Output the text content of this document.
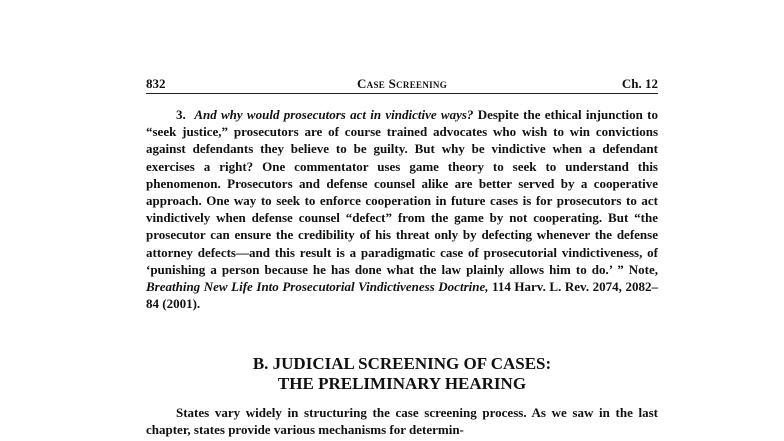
832	Case Screening	Ch. 12

3. And why would prosecutors act in vindictive ways? Despite the ethical injunction to “seek justice,” prosecutors are of course trained advocates who wish to win convictions against defendants they believe to be guilty. But why be vindictive when a defendant exercises a right? One commentator uses game theory to seek to understand this phenomenon. Prosecutors and defense counsel alike are better served by a cooperative approach. One way to seek to enforce cooperation in future cases is for prosecutors to act vindictively when defense counsel “defect” from the game by not cooperating. But “the prosecutor can ensure the credibility of his threat only by defecting whenever the defense attorney defects—and this result is a paradigmatic case of prosecutorial vindictiveness, of ‘punishing a person because he has done what the law plainly allows him to do.’ ” Note, Breathing New Life Into Prosecutorial Vindictiveness Doctrine, 114 Harv. L. Rev. 2074, 2082–84 (2001).

B. JUDICIAL SCREENING OF CASES:
THE PRELIMINARY HEARING

States vary widely in structuring the case screening process. As we saw in the last chapter, states provide various mechanisms for determin-
